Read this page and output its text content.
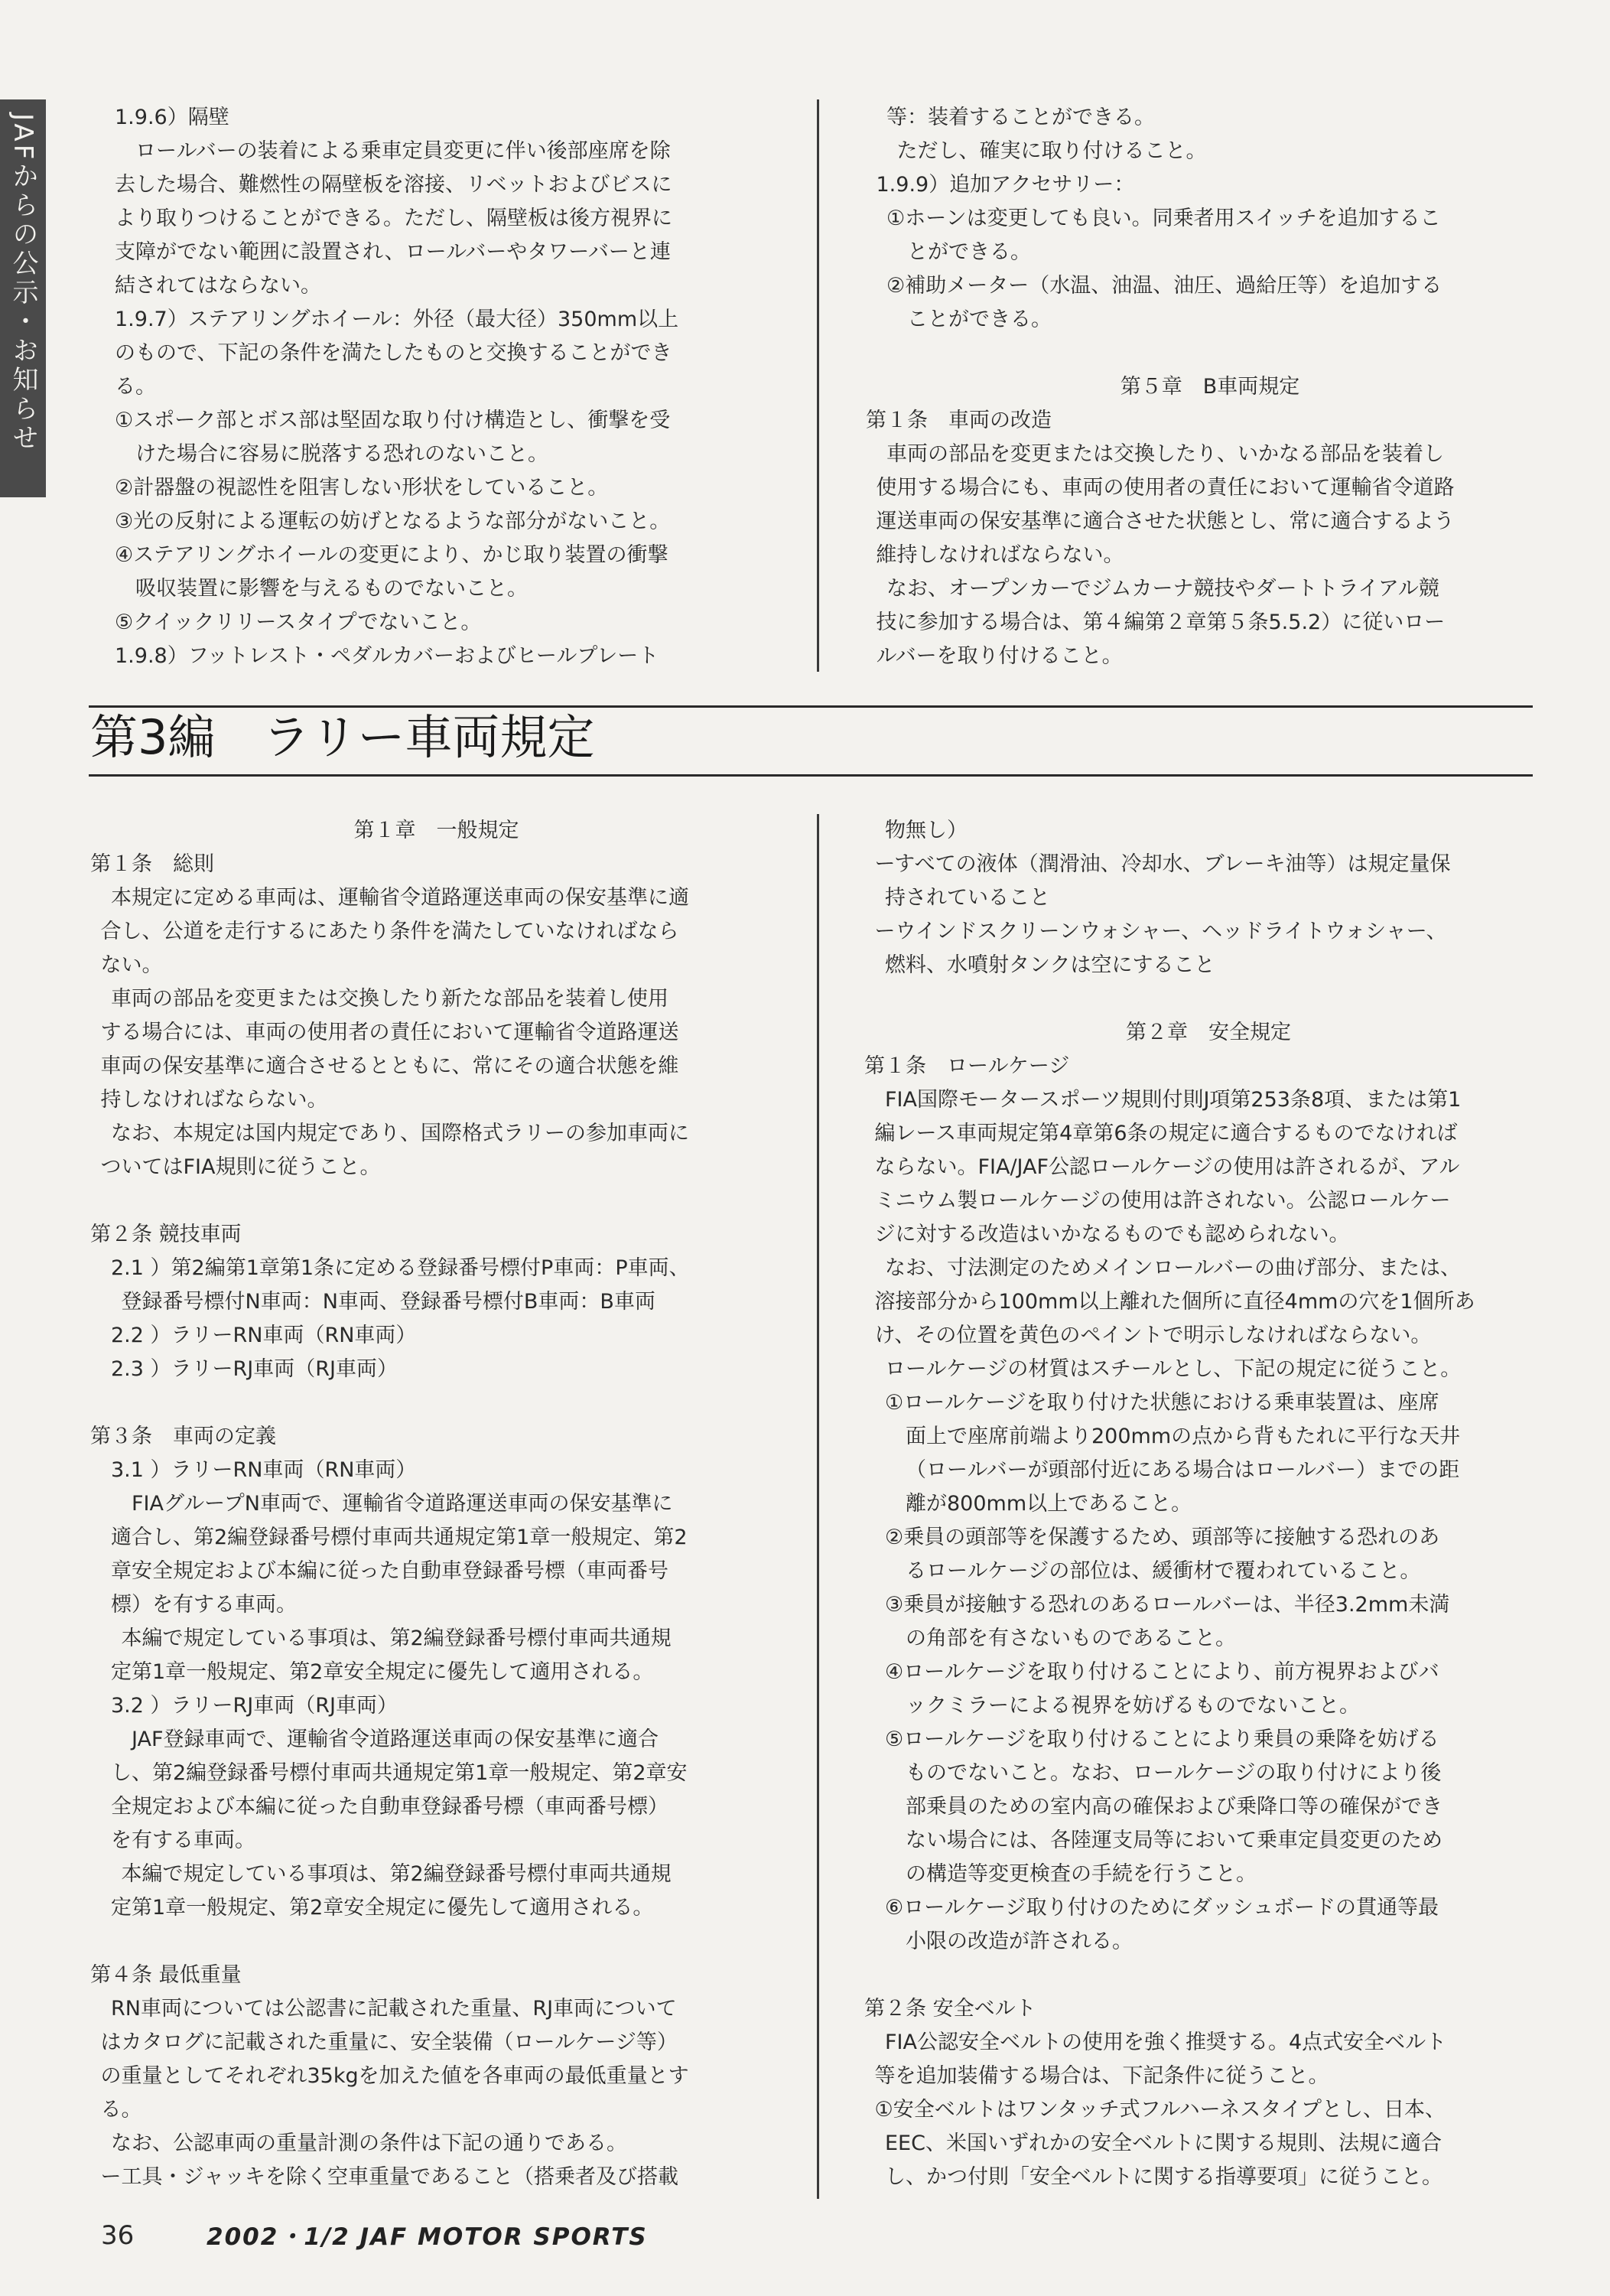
JAFからの公示・お知らせ	1.9.6）隔壁
ロールバーの装着による乗車定員変更に伴い後部座席を除
去した場合、難燃性の隔壁板を溶接、リベットおよびビスに
より取りつけることができる。ただし、隔壁板は後方視界に
支障がでない範囲に設置され、ロールバーやタワーバーと連
結されてはならない。
1.9.7）ステアリングホイール：外径（最大径）350mm以上
のもので、下記の条件を満たしたものと交換することができ
る。
①スポーク部とボス部は堅固な取り付け構造とし、衝撃を受
けた場合に容易に脱落する恐れのないこと。
②計器盤の視認性を阻害しない形状をしていること。
③光の反射による運転の妨げとなるような部分がないこと。
④ステアリングホイールの変更により、かじ取り装置の衝撃
吸収装置に影響を与えるものでないこと。
⑤クイックリリースタイプでないこと。
1.9.8）フットレスト・ペダルカバーおよびヒールプレート
等：装着することができる。
ただし、確実に取り付けること。
1.9.9）追加アクセサリー：
①ホーンは変更しても良い。同乗者用スイッチを追加するこ
とができる。
②補助メーター（水温、油温、油圧、過給圧等）を追加する
ことができる。
第５章　B車両規定
第１条　車両の改造
車両の部品を変更または交換したり、いかなる部品を装着し
使用する場合にも、車両の使用者の責任において運輸省令道路
運送車両の保安基準に適合させた状態とし、常に適合するよう
維持しなければならない。
なお、オープンカーでジムカーナ競技やダートトライアル競
技に参加する場合は、第４編第２章第５条5.5.2）に従いロー
ルバーを取り付けること。
第3編　ラリー車両規定
第１章　一般規定
第１条　総則
本規定に定める車両は、運輸省令道路運送車両の保安基準に適
合し、公道を走行するにあたり条件を満たしていなければなら
ない。
車両の部品を変更または交換したり新たな部品を装着し使用
する場合には、車両の使用者の責任において運輸省令道路運送
車両の保安基準に適合させるとともに、常にその適合状態を維
持しなければならない。
なお、本規定は国内規定であり、国際格式ラリーの参加車両に
ついてはFIA規則に従うこと。
第２条 競技車両
2.1 ）第2編第1章第1条に定める登録番号標付P車両：P車両、
登録番号標付N車両：N車両、登録番号標付B車両：B車両
2.2 ）ラリーRN車両（RN車両）
2.3 ）ラリーRJ車両（RJ車両）
第３条　車両の定義
3.1 ）ラリーRN車両（RN車両）
FIAグループN車両で、運輸省令道路運送車両の保安基準に
適合し、第2編登録番号標付車両共通規定第1章一般規定、第2
章安全規定および本編に従った自動車登録番号標（車両番号
標）を有する車両。
本編で規定している事項は、第2編登録番号標付車両共通規
定第1章一般規定、第2章安全規定に優先して適用される。
3.2 ）ラリーRJ車両（RJ車両）
JAF登録車両で、運輸省令道路運送車両の保安基準に適合
し、第2編登録番号標付車両共通規定第1章一般規定、第2章安
全規定および本編に従った自動車登録番号標（車両番号標）
を有する車両。
本編で規定している事項は、第2編登録番号標付車両共通規
定第1章一般規定、第2章安全規定に優先して適用される。
第４条 最低重量
RN車両については公認書に記載された重量、RJ車両について
はカタログに記載された重量に、安全装備（ロールケージ等）
の重量としてそれぞれ35kgを加えた値を各車両の最低重量とす
る。
なお、公認車両の重量計測の条件は下記の通りである。
ー工具・ジャッキを除く空車重量であること（搭乗者及び搭載
物無し）
ーすべての液体（潤滑油、冷却水、ブレーキ油等）は規定量保
持されていること
ーウインドスクリーンウォシャー、ヘッドライトウォシャー、
燃料、水噴射タンクは空にすること
第２章　安全規定
第１条　ロールケージ
FIA国際モータースポーツ規則付則J項第253条8項、または第1
編レース車両規定第4章第6条の規定に適合するものでなければ
ならない。FIA/JAF公認ロールケージの使用は許されるが、アル
ミニウム製ロールケージの使用は許されない。公認ロールケー
ジに対する改造はいかなるものでも認められない。
なお、寸法測定のためメインロールバーの曲げ部分、または、
溶接部分から100mm以上離れた個所に直径4mmの穴を1個所あ
け、その位置を黄色のペイントで明示しなければならない。
ロールケージの材質はスチールとし、下記の規定に従うこと。
①ロールケージを取り付けた状態における乗車装置は、座席
面上で座席前端より200mmの点から背もたれに平行な天井
（ロールバーが頭部付近にある場合はロールバー）までの距
離が800mm以上であること。
②乗員の頭部等を保護するため、頭部等に接触する恐れのあ
るロールケージの部位は、緩衝材で覆われていること。
③乗員が接触する恐れのあるロールバーは、半径3.2mm未満
の角部を有さないものであること。
④ロールケージを取り付けることにより、前方視界およびバ
ックミラーによる視界を妨げるものでないこと。
⑤ロールケージを取り付けることにより乗員の乗降を妨げる
ものでないこと。なお、ロールケージの取り付けにより後
部乗員のための室内高の確保および乗降口等の確保ができ
ない場合には、各陸運支局等において乗車定員変更のため
の構造等変更検査の手続を行うこと。
⑥ロールケージ取り付けのためにダッシュボードの貫通等最
小限の改造が許される。
第２条 安全ベルト
FIA公認安全ベルトの使用を強く推奨する。4点式安全ベルト
等を追加装備する場合は、下記条件に従うこと。
①安全ベルトはワンタッチ式フルハーネスタイプとし、日本、
EEC、米国いずれかの安全ベルトに関する規則、法規に適合
し、かつ付則「安全ベルトに関する指導要項」に従うこと。
36	2002・1/2 JAF MOTOR SPORTS
